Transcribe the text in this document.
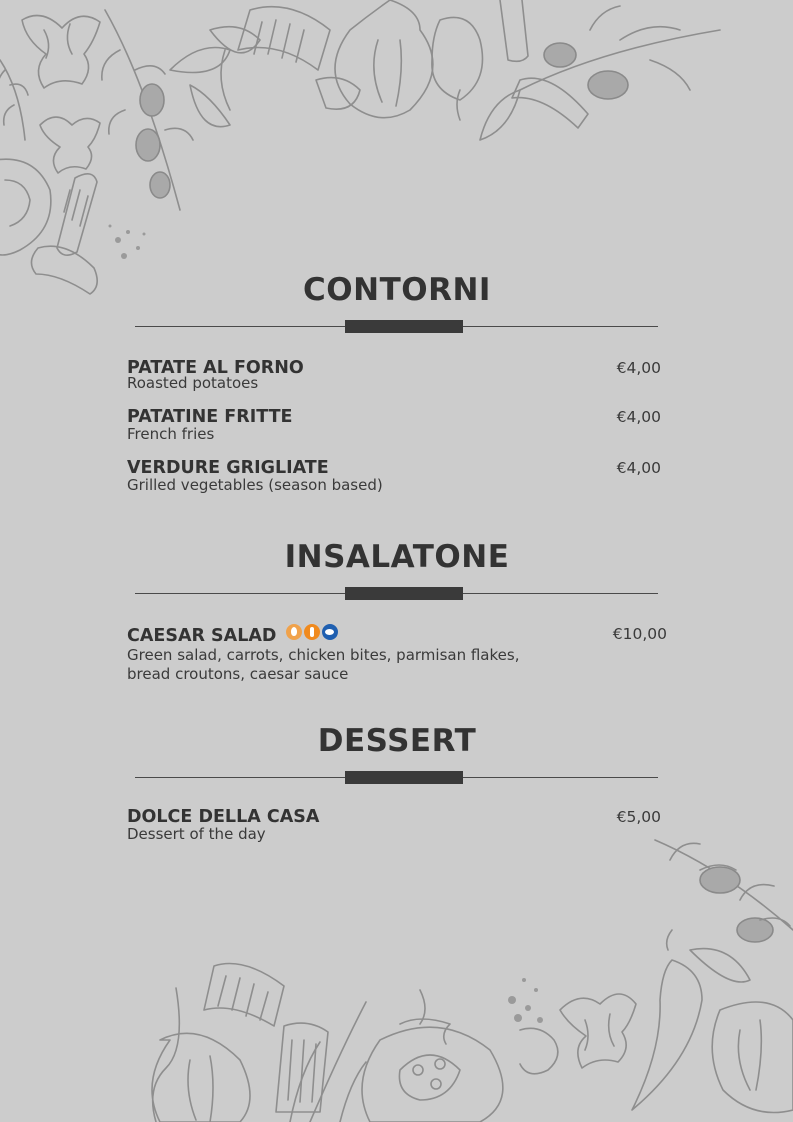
CONTORNI
PATATE AL FORNO
Roasted potatoes
€4,00
PATATINE FRITTE
French fries
€4,00
VERDURE GRIGLIATE
Grilled vegetables (season based)
€4,00
INSALATONE
CAESAR SALAD
Green salad, carrots, chicken bites, parmisan flakes, bread croutons, caesar sauce
€10,00
DESSERT
DOLCE DELLA CASA
Dessert of the day
€5,00
